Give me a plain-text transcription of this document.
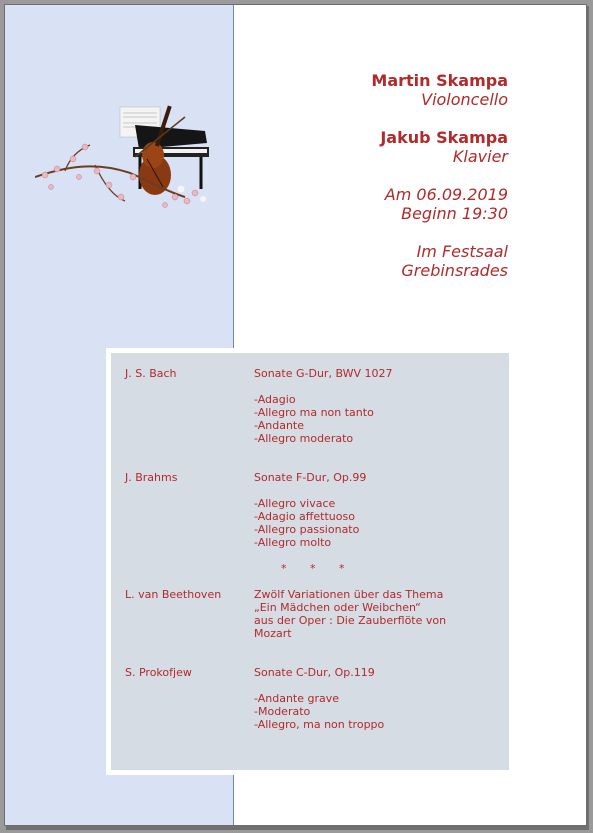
Martin Skampa

Violoncello

Jakub Skampa

Klavier

Am 06.09.2019

Beginn 19:30

Im Festsaal

Grebinsrades

J. S. Bach	Sonate G-Dur, BWV 1027

-Adagio

-Allegro ma non tanto

-Andante

-Allegro moderato

J. Brahms	Sonate F-Dur, Op.99

-Allegro vivace

-Adagio affettuoso

-Allegro passionato

-Allegro molto

* * *
L. van Beethoven	Zwölf Variationen über das Thema

„Ein Mädchen oder Weibchen“

aus der Oper : Die Zauberflöte von

Mozart

S. Prokofjew	Sonate C-Dur, Op.119

-Andante grave

-Moderato

-Allegro, ma non troppo
